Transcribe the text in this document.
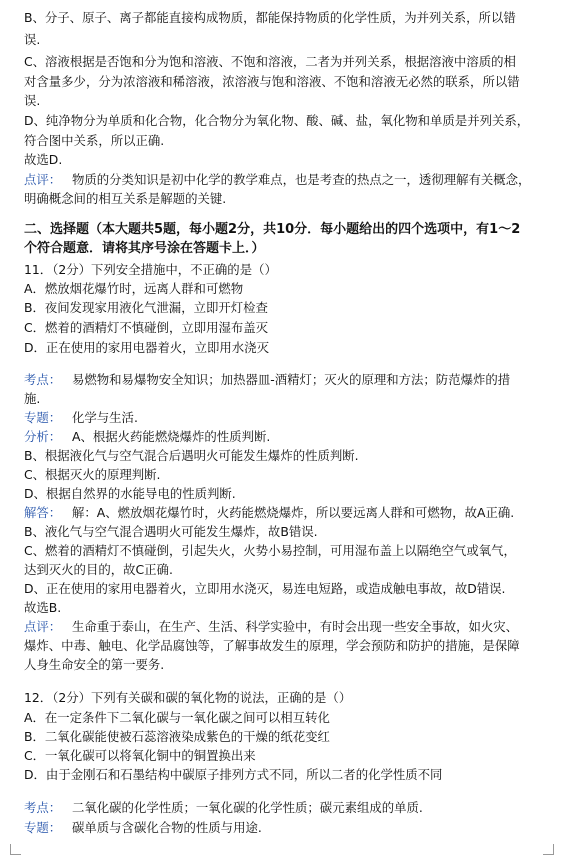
B、分子、原子、离子都能直接构成物质，都能保持物质的化学性质，为并列关系，所以错
误.
C、溶液根据是否饱和分为饱和溶液、不饱和溶液，二者为并列关系，根据溶液中溶质的相
对含量多少，分为浓溶液和稀溶液，浓溶液与饱和溶液、不饱和溶液无必然的联系，所以错
误.
D、纯净物分为单质和化合物，化合物分为氧化物、酸、碱、盐，氧化物和单质是并列关系，
符合图中关系，所以正确.
故选D.
点评： 物质的分类知识是初中化学的教学难点，也是考查的热点之一，透彻理解有关概念，
明确概念间的相互关系是解题的关键.
二、选择题（本大题共5题，每小题2分，共10分．每小题给出的四个选项中，有1～2
个符合题意．请将其序号涂在答题卡上．）
11．（2分）下列安全措施中，不正确的是（）
A．燃放烟花爆竹时，远离人群和可燃物
B．夜间发现家用液化气泄漏，立即开灯检查
C．燃着的酒精灯不慎碰倒，立即用湿布盖灭
D．正在使用的家用电器着火，立即用水浇灭
考点： 易燃物和易爆物安全知识；加热器皿-酒精灯；灭火的原理和方法；防范爆炸的措
施.
专题： 化学与生活.
分析： A、根据火药能燃烧爆炸的性质判断.
B、根据液化气与空气混合后遇明火可能发生爆炸的性质判断.
C、根据灭火的原理判断.
D、根据自然界的水能导电的性质判断.
解答： 解：A、燃放烟花爆竹时，火药能燃烧爆炸，所以要远离人群和可燃物，故A正确.
B、液化气与空气混合遇明火可能发生爆炸，故B错误.
C、燃着的酒精灯不慎碰倒，引起失火，火势小易控制，可用湿布盖上以隔绝空气或氧气，
达到灭火的目的，故C正确.
D、正在使用的家用电器着火，立即用水浇灭，易连电短路，或造成触电事故，故D错误.
故选B.
点评： 生命重于泰山，在生产、生活、科学实验中，有时会出现一些安全事故，如火灾、
爆炸、中毒、触电、化学品腐蚀等，了解事故发生的原理，学会预防和防护的措施，是保障
人身生命安全的第一要务.
12．（2分）下列有关碳和碳的氧化物的说法，正确的是（）
A．在一定条件下二氧化碳与一氧化碳之间可以相互转化
B．二氧化碳能使被石蕊溶液染成紫色的干燥的纸花变红
C．一氧化碳可以将氧化铜中的铜置换出来
D．由于金刚石和石墨结构中碳原子排列方式不同，所以二者的化学性质不同
考点： 二氧化碳的化学性质；一氧化碳的化学性质；碳元素组成的单质.
专题： 碳单质与含碳化合物的性质与用途.
